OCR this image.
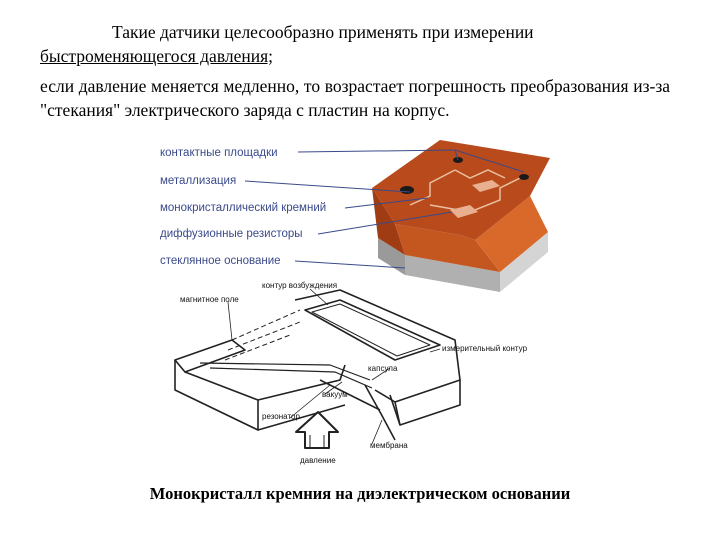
Такие датчики целесообразно применять при измерении
быстроменяющегося давления;
если давление меняется медленно, то возрастает погрешность преобразования из-за "стекания" электрического заряда с пластин на корпус.
контактные площадки
металлизация
монокристаллический кремний
диффузионные резисторы
стеклянное основание
контур возбуждения
магнитное поле
измерительный контур
капсула
вакуум
резонатор
мембрана
давление
Монокристалл кремния на диэлектрическом основании
